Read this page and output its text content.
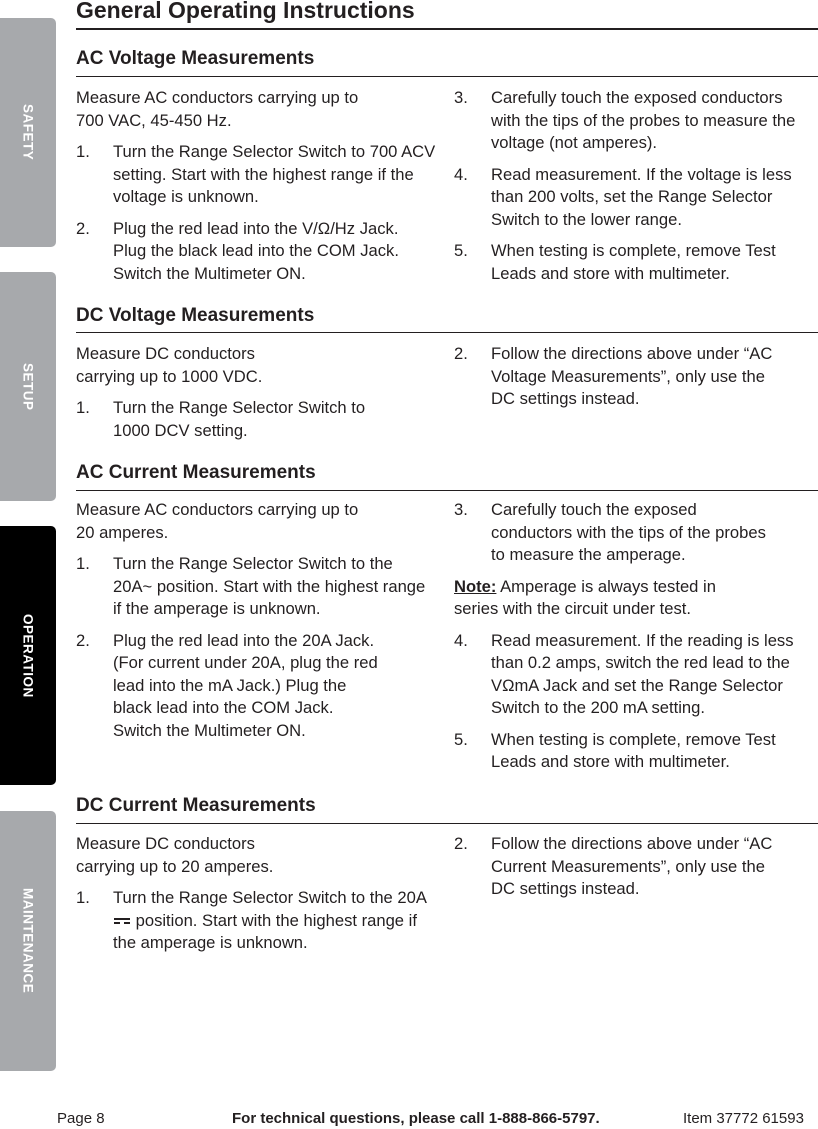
SAFETY
SETUP
OPERATION
MAINTENANCE
General Operating Instructions
AC Voltage Measurements

Measure AC conductors carrying up to 700 VAC, 45-450 Hz.

1.	Turn the Range Selector Switch to 700 ACV setting. Start with the highest range if the voltage is unknown.
2.	Plug the red lead into the V/Ω/Hz Jack. Plug the black lead into the COM Jack. Switch the Multimeter ON.
3.	Carefully touch the exposed conductors with the tips of the probes to measure the voltage (not amperes).
4.	Read measurement. If the voltage is less than 200 volts, set the Range Selector Switch to the lower range.
5.	When testing is complete, remove Test Leads and store with multimeter.
DC Voltage Measurements

Measure DC conductors carrying up to 1000 VDC.

1.	Turn the Range Selector Switch to 1000 DCV setting.
2.	Follow the directions above under “AC Voltage Measurements”, only use the DC settings instead.
AC Current Measurements

Measure AC conductors carrying up to 20 amperes.

1.	Turn the Range Selector Switch to the 20A~ position. Start with the highest range if the amperage is unknown.
2.	Plug the red lead into the 20A Jack. (For current under 20A, plug the red lead into the mA Jack.) Plug the black lead into the COM Jack. Switch the Multimeter ON.
3.	Carefully touch the exposed conductors with the tips of the probes to measure the amperage.

Note: Amperage is always tested in series with the circuit under test.

4.	Read measurement. If the reading is less than 0.2 amps, switch the red lead to the VΩmA Jack and set the Range Selector Switch to the 200 mA setting.
5.	When testing is complete, remove Test Leads and store with multimeter.
DC Current Measurements

Measure DC conductors carrying up to 20 amperes.

1.	Turn the Range Selector Switch to the 20A position. Start with the highest range if the amperage is unknown.
2.	Follow the directions above under “AC Current Measurements”, only use the DC settings instead.
Page 8	For technical questions, please call 1-888-866-5797.	Item 37772 61593
